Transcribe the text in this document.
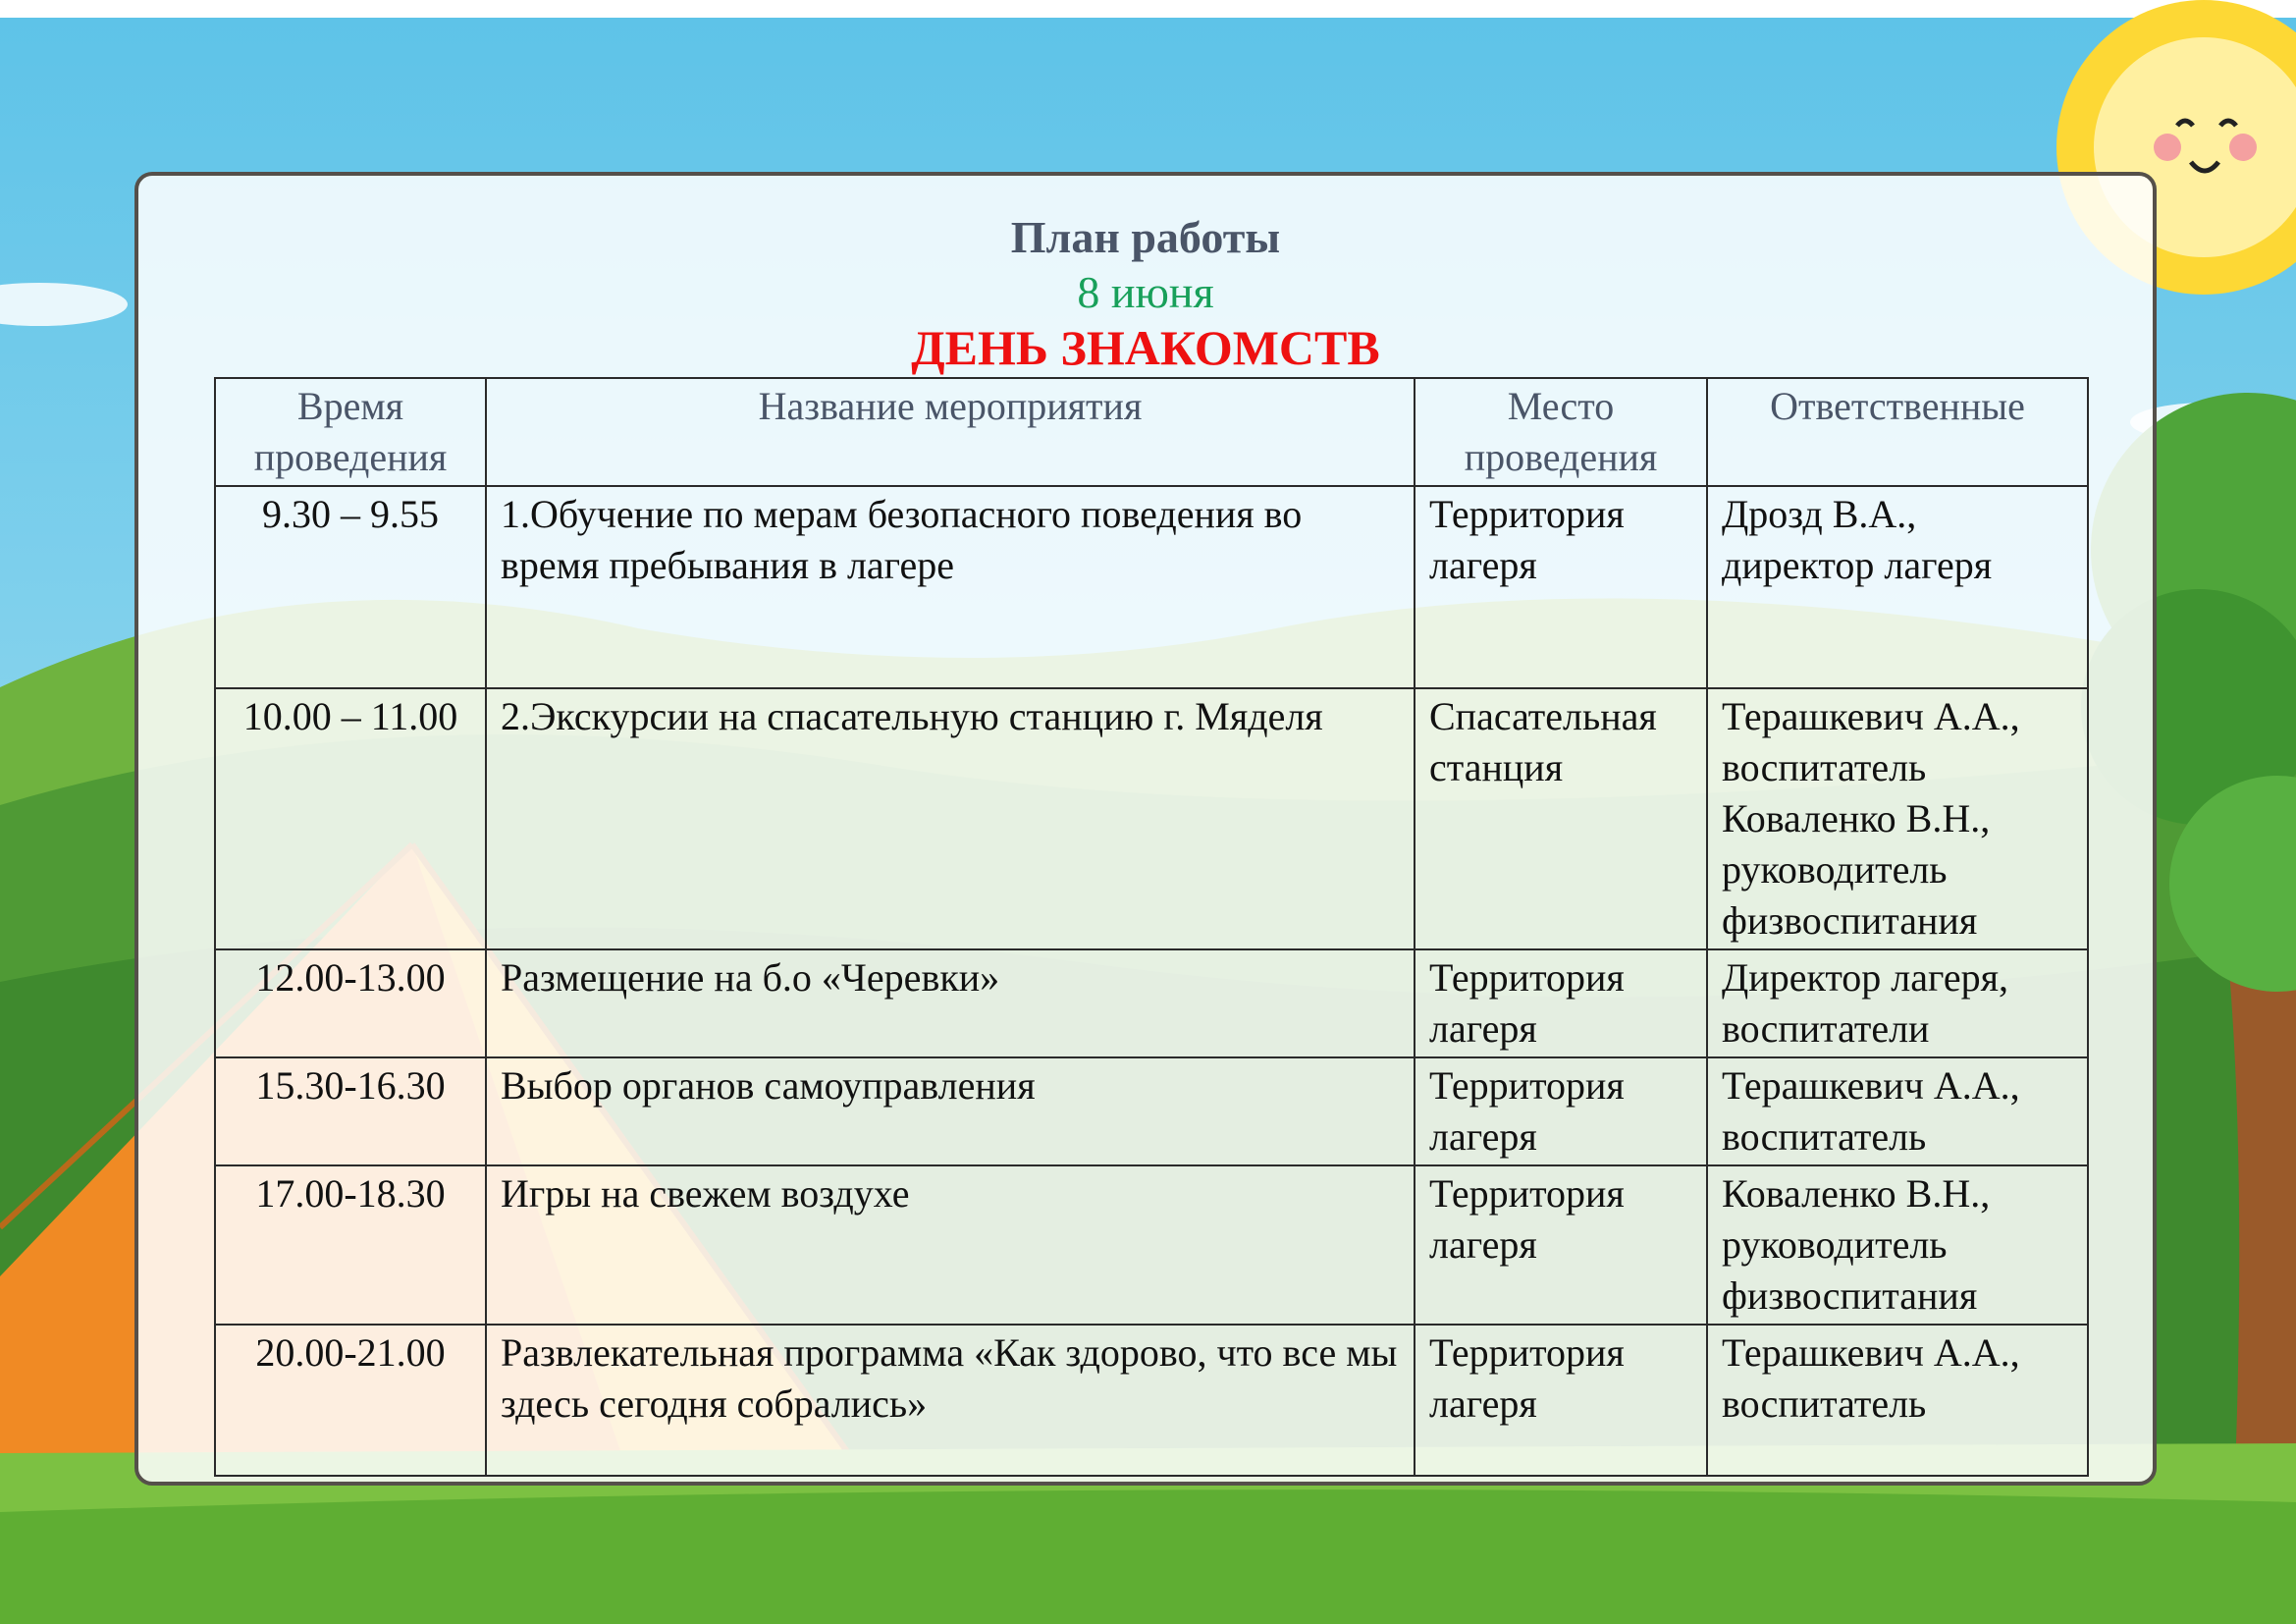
План работы
8 июня
ДЕНЬ ЗНАКОМСТВ
Время проведения	Название мероприятия	Место проведения	Ответственные
9.30 – 9.55	1.Обучение по мерам безопасного поведения во время пребывания в лагере	Территория лагеря	Дрозд В.А., директор лагеря
10.00 – 11.00	2.Экскурсии на спасательную станцию г. Мяделя	Спасательная станция	Терашкевич А.А., воспитатель Коваленко В.Н., руководитель физвоспитания
12.00-13.00	Размещение на б.о «Черевки»	Территория лагеря	Директор лагеря, воспитатели
15.30-16.30	Выбор органов самоуправления	Территория лагеря	Терашкевич А.А., воспитатель
17.00-18.30	Игры на свежем воздухе	Территория лагеря	Коваленко В.Н., руководитель физвоспитания
20.00-21.00	Развлекательная программа «Как здорово, что все мы здесь сегодня собрались»	Территория лагеря	Терашкевич А.А., воспитатель
